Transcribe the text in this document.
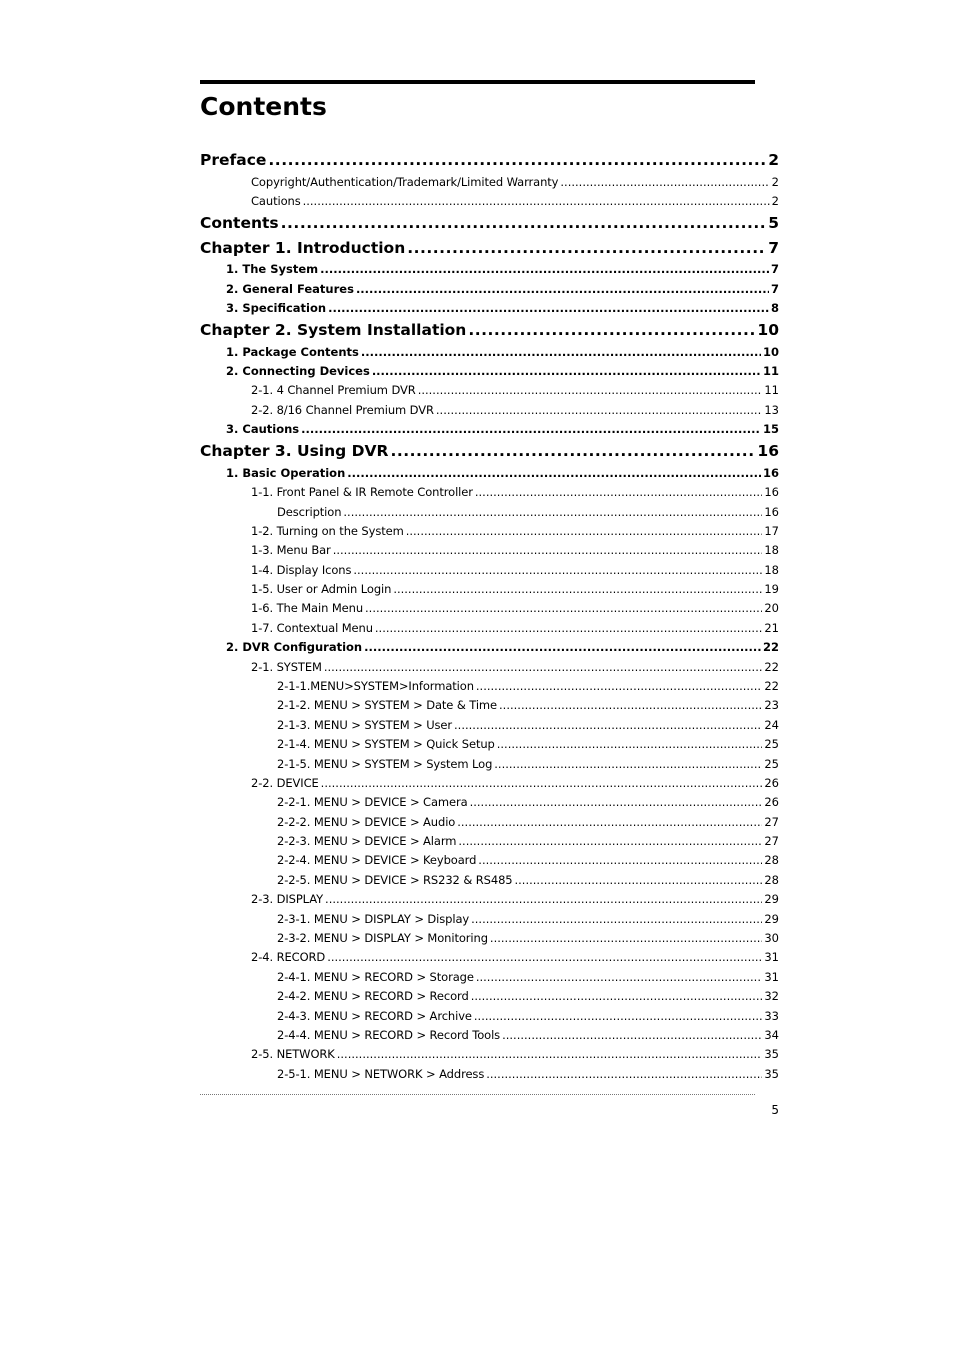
Contents
Preface .....	2
Copyright/Authentication/Trademark/Limited Warranty .....	2
Cautions .....	2
Contents .....	5
Chapter 1. Introduction .....	7
1. The System .....	7
2. General Features .....	7
3. Specification .....	8
Chapter 2. System Installation .....	10
1. Package Contents .....	10
2. Connecting Devices .....	11
2-1. 4 Channel Premium DVR .....	11
2-2. 8/16 Channel Premium DVR .....	13
3. Cautions .....	15
Chapter 3. Using DVR .....	16
1. Basic Operation .....	16
1-1. Front Panel & IR Remote Controller .....	16
Description .....	16
1-2. Turning on the System .....	17
1-3. Menu Bar .....	18
1-4. Display Icons .....	18
1-5. User or Admin Login .....	19
1-6. The Main Menu .....	20
1-7. Contextual Menu .....	21
2. DVR Configuration .....	22
2-1. SYSTEM .....	22
2-1-1.MENU>SYSTEM>Information .....	22
2-1-2. MENU > SYSTEM > Date & Time .....	23
2-1-3. MENU > SYSTEM > User .....	24
2-1-4. MENU > SYSTEM > Quick Setup .....	25
2-1-5. MENU > SYSTEM > System Log .....	25
2-2. DEVICE .....	26
2-2-1. MENU > DEVICE > Camera .....	26
2-2-2. MENU > DEVICE > Audio .....	27
2-2-3. MENU > DEVICE > Alarm .....	27
2-2-4. MENU > DEVICE > Keyboard .....	28
2-2-5. MENU > DEVICE > RS232 & RS485 .....	28
2-3. DISPLAY .....	29
2-3-1. MENU > DISPLAY > Display .....	29
2-3-2. MENU > DISPLAY > Monitoring .....	30
2-4. RECORD .....	31
2-4-1. MENU > RECORD > Storage .....	31
2-4-2. MENU > RECORD > Record .....	32
2-4-3. MENU > RECORD > Archive .....	33
2-4-4. MENU > RECORD > Record Tools .....	34
2-5. NETWORK .....	35
2-5-1. MENU > NETWORK > Address .....	35
5
